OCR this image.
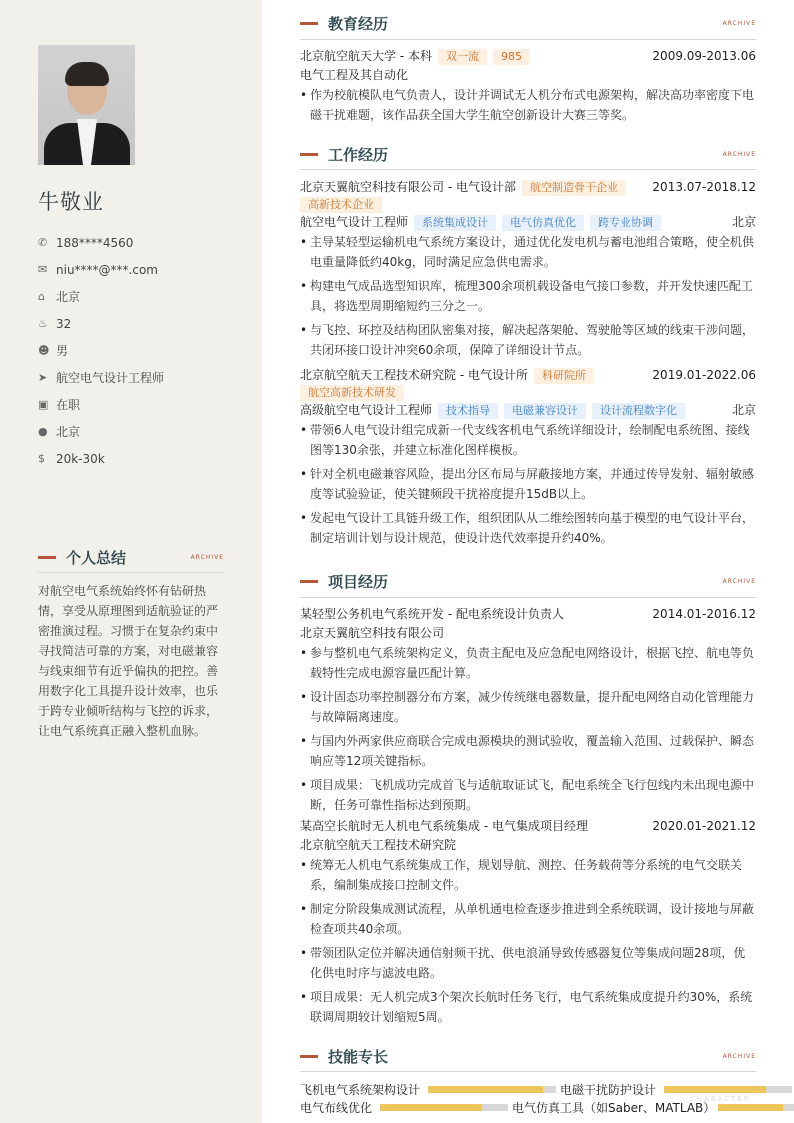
牛敬业
✆ 188****4560
✉ niu****@***.com
⌂ 北京
♨ 32
☻ 男
➤ 航空电气设计工程师
▣ 在职
● 北京
$ 20k-30k
个人总结	ARCHIVE
对航空电气系统始终怀有钻研热情，享受从原理图到适航验证的严密推演过程。习惯于在复杂约束中寻找简洁可靠的方案，对电磁兼容与线束细节有近乎偏执的把控。善用数字化工具提升设计效率，也乐于跨专业倾听结构与飞控的诉求，让电气系统真正融入整机血脉。
教育经历	ARCHIVE
北京航空航天大学 - 本科	双一流	985	2009.09-2013.06
电气工程及其自动化
• 作为校航模队电气负责人，设计并调试无人机分布式电源架构，解决高功率密度下电磁干扰难题，该作品获全国大学生航空创新设计大赛三等奖。
工作经历	ARCHIVE
北京天翼航空科技有限公司 - 电气设计部	航空制造骨干企业	2013.07-2018.12
高新技术企业
航空电气设计工程师	系统集成设计	电气仿真优化	跨专业协调	北京
• 主导某轻型运输机电气系统方案设计，通过优化发电机与蓄电池组合策略，使全机供电重量降低约40kg，同时满足应急供电需求。
• 构建电气成品选型知识库，梳理300余项机载设备电气接口参数，并开发快速匹配工具，将选型周期缩短约三分之一。
• 与飞控、环控及结构团队密集对接，解决起落架舱、驾驶舱等区域的线束干涉问题，共闭环接口设计冲突60余项，保障了详细设计节点。
北京航空航天工程技术研究院 - 电气设计所	科研院所	2019.01-2022.06
航空高新技术研发
高级航空电气设计工程师	技术指导	电磁兼容设计	设计流程数字化	北京
• 带领6人电气设计组完成新一代支线客机电气系统详细设计，绘制配电系统图、接线图等130余张，并建立标准化图样模板。
• 针对全机电磁兼容风险，提出分区布局与屏蔽接地方案，并通过传导发射、辐射敏感度等试验验证，使关键频段干扰裕度提升15dB以上。
• 发起电气设计工具链升级工作，组织团队从二维绘图转向基于模型的电气设计平台，制定培训计划与设计规范，使设计迭代效率提升约40%。
项目经历	ARCHIVE
某轻型公务机电气系统开发 - 配电系统设计负责人	2014.01-2016.12
北京天翼航空科技有限公司
• 参与整机电气系统架构定义，负责主配电及应急配电网络设计，根据飞控、航电等负载特性完成电源容量匹配计算。
• 设计固态功率控制器分布方案，减少传统继电器数量，提升配电网络自动化管理能力与故障隔离速度。
• 与国内外两家供应商联合完成电源模块的测试验收，覆盖输入范围、过载保护、瞬态响应等12项关键指标。
• 项目成果：飞机成功完成首飞与适航取证试飞，配电系统全飞行包线内未出现电源中断，任务可靠性指标达到预期。
某高空长航时无人机电气系统集成 - 电气集成项目经理	2020.01-2021.12
北京航空航天工程技术研究院
• 统筹无人机电气系统集成工作，规划导航、测控、任务载荷等分系统的电气交联关系，编制集成接口控制文件。
• 制定分阶段集成测试流程，从单机通电检查逐步推进到全系统联调，设计接地与屏蔽检查项共40余项。
• 带领团队定位并解决通信射频干扰、供电浪涌导致传感器复位等集成问题28项，优化供电时序与滤波电路。
• 项目成果：无人机完成3个架次长航时任务飞行，电气系统集成度提升约30%，系统联调周期较计划缩短5周。
技能专长	ARCHIVE
飞机电气系统架构设计	电磁干扰防护设计
电气布线优化	电气仿真工具（如Saber、MATLAB）
CHARACTER
